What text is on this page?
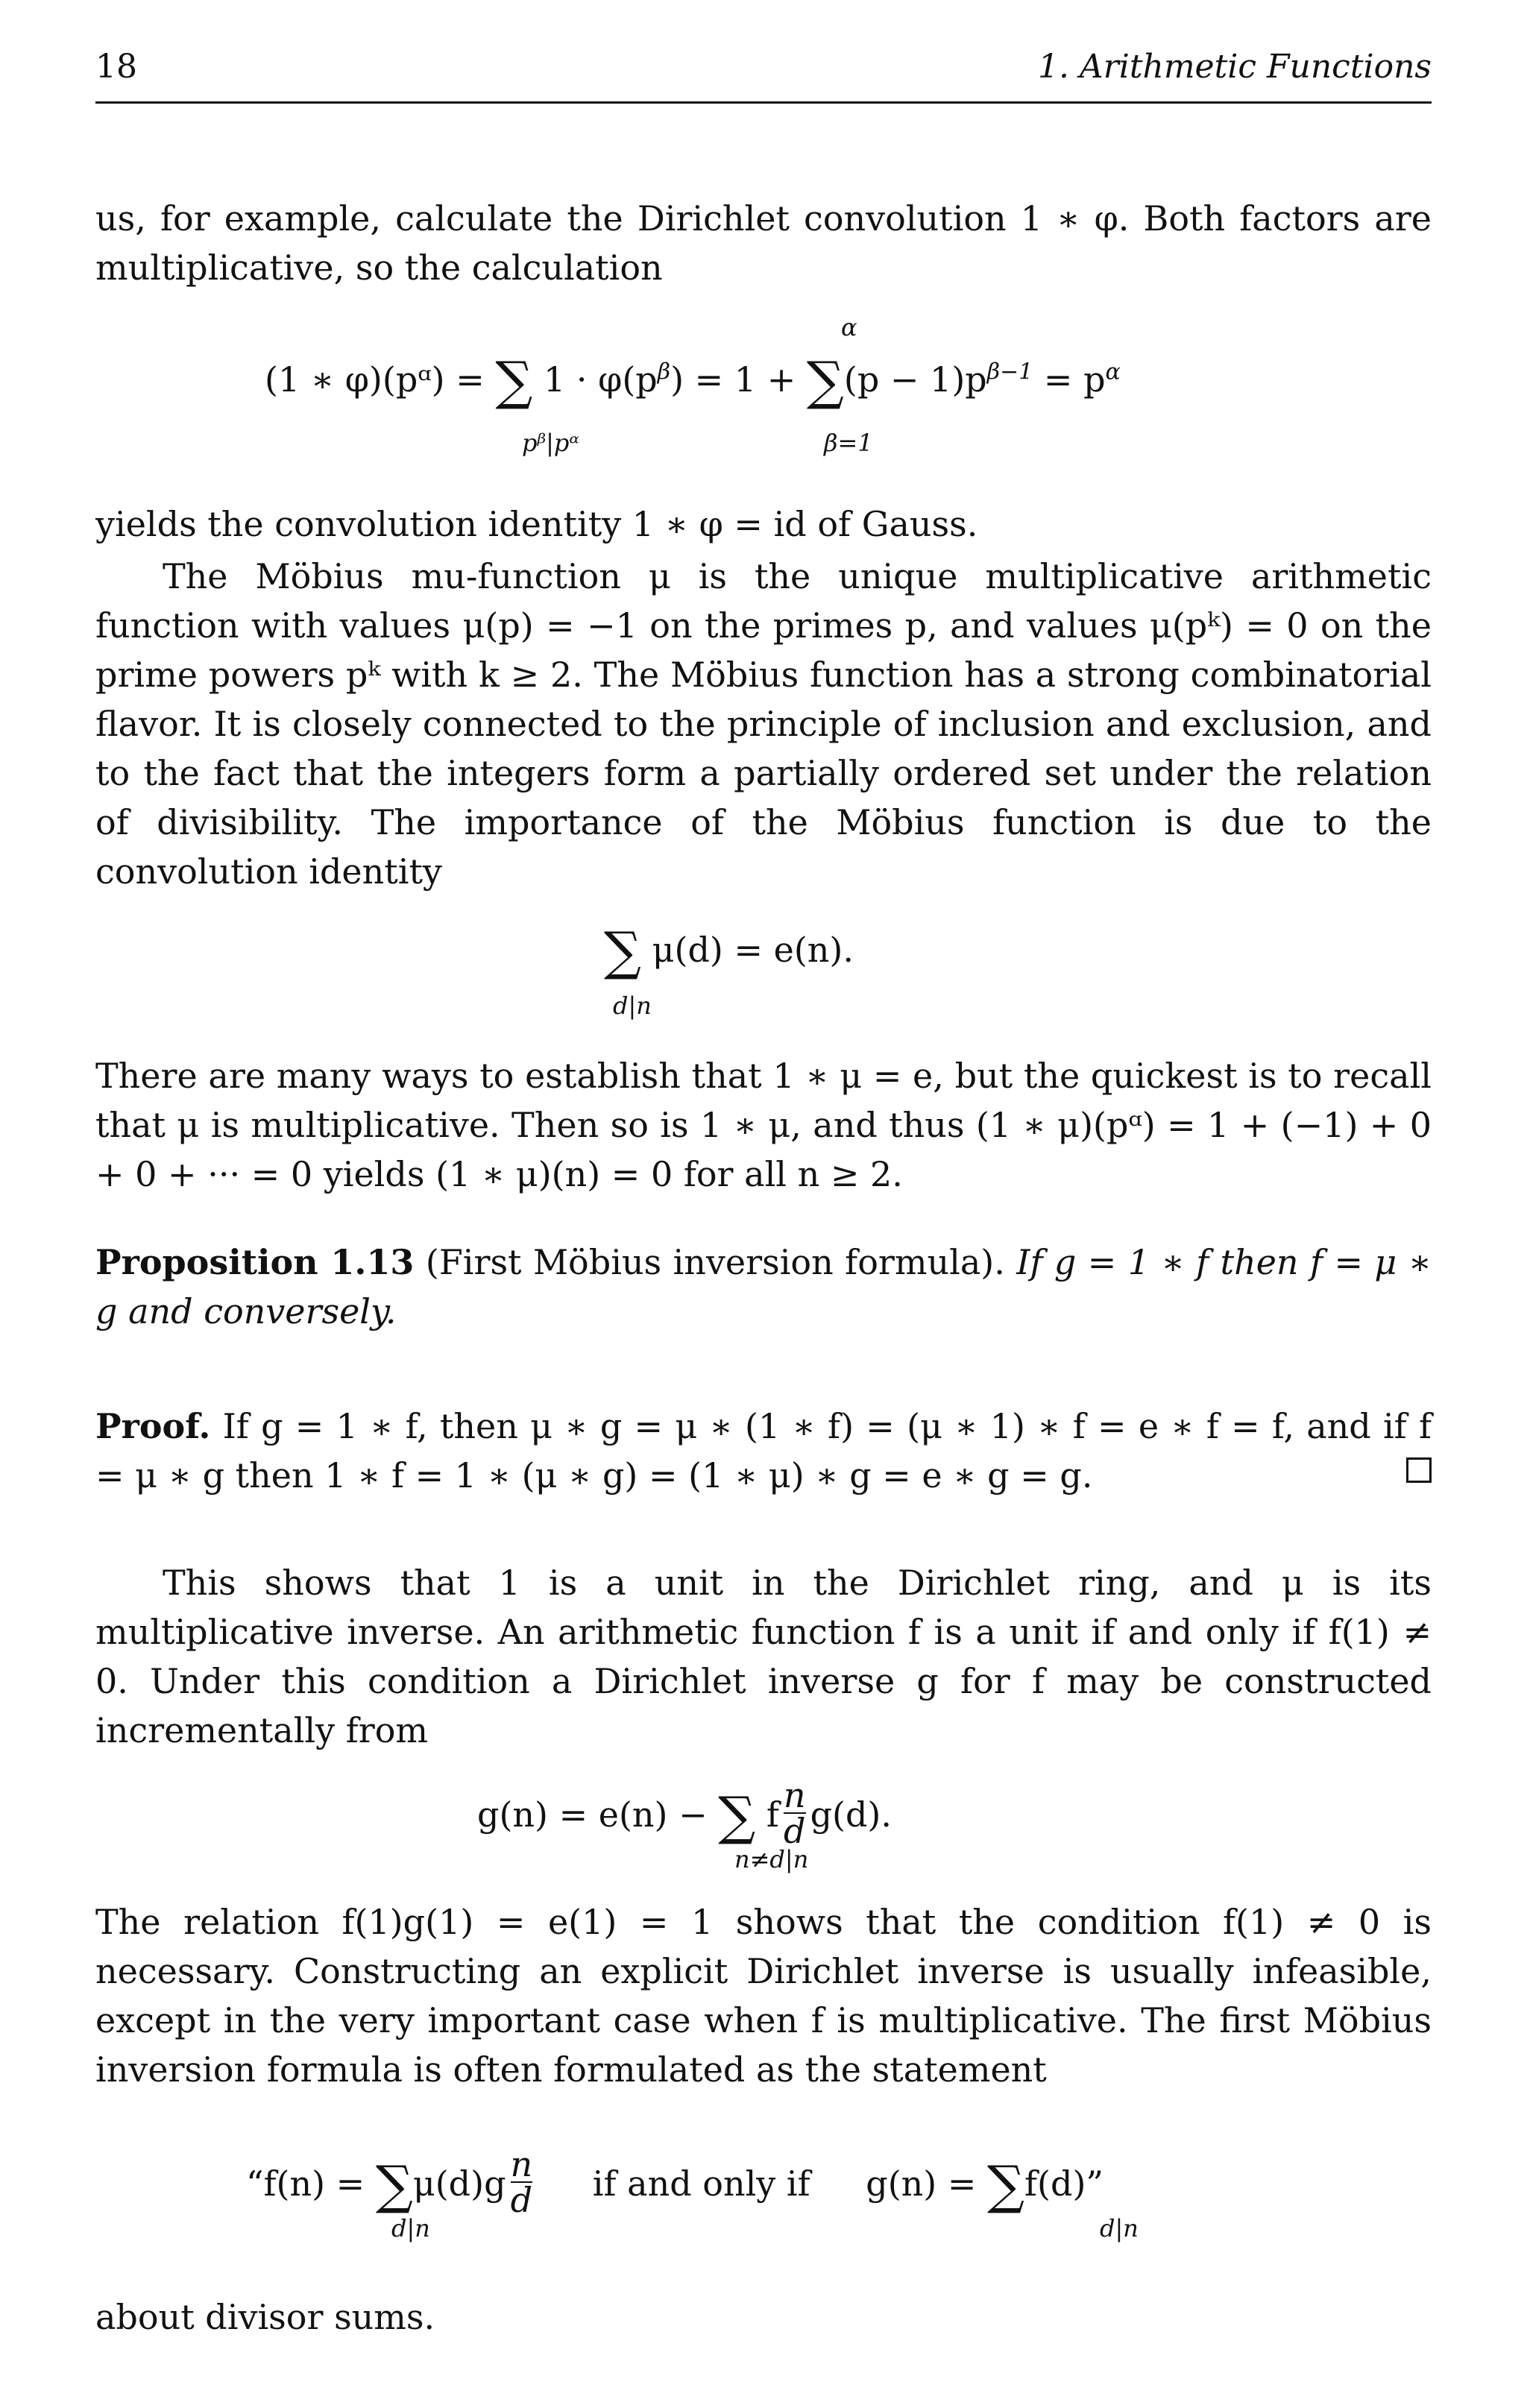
18	1. Arithmetic Functions
us, for example, calculate the Dirichlet convolution 1 ∗ φ. Both factors are multiplicative, so the calculation
(1 ∗ φ)(pᵅ) = ∑ $1 \cdot \varphi(p^\beta) = 1 + \sum(p - 1)p^{\beta-1} = p^\alpha$
α
pᵝ|pᵅ	β=1
yields the convolution identity 1 ∗ φ = id of Gauss.
The Möbius mu-function μ is the unique multiplicative arithmetic function with values μ(p) = −1 on the primes p, and values μ(pᵏ) = 0 on the prime powers pᵏ with k ≥ 2. The Möbius function has a strong combinatorial flavor. It is closely connected to the principle of inclusion and exclusion, and to the fact that the integers form a partially ordered set under the relation of divisibility. The importance of the Möbius function is due to the convolution identity
∑ μ(d) = e(n).
d|n
There are many ways to establish that 1 ∗ μ = e, but the quickest is to recall that μ is multiplicative. Then so is 1 ∗ μ, and thus (1 ∗ μ)(pᵅ) = 1 + (−1) + 0 + 0 + ··· = 0 yields (1 ∗ μ)(n) = 0 for all n ≥ 2.
Proposition 1.13 (First Möbius inversion formula). If g = 1 ∗ f then f = μ ∗ g and conversely.
Proof. If g = 1 ∗ f, then μ ∗ g = μ ∗ (1 ∗ f) = (μ ∗ 1) ∗ f = e ∗ f = f, and if f = μ ∗ g then 1 ∗ f = 1 ∗ (μ ∗ g) = (1 ∗ μ) ∗ g = e ∗ g = g.
This shows that 1 is a unit in the Dirichlet ring, and μ is its multiplicative inverse. An arithmetic function f is a unit if and only if f(1) ≠ 0. Under this condition a Dirichlet inverse g for f may be constructed incrementally from
g(n) = e(n) − ∑ f $\frac{n}{d} g(d)$.
n≠d|n
The relation f(1)g(1) = e(1) = 1 shows that the condition f(1) ≠ 0 is necessary. Constructing an explicit Dirichlet inverse is usually infeasible, except in the very important case when f is multiplicative. The first Möbius inversion formula is often formulated as the statement
“$f(n) = \sum\mu(d)g \frac{n}{d}$ if and only if g(n) = ∑f(d)”
d|n	d|n
about divisor sums.
